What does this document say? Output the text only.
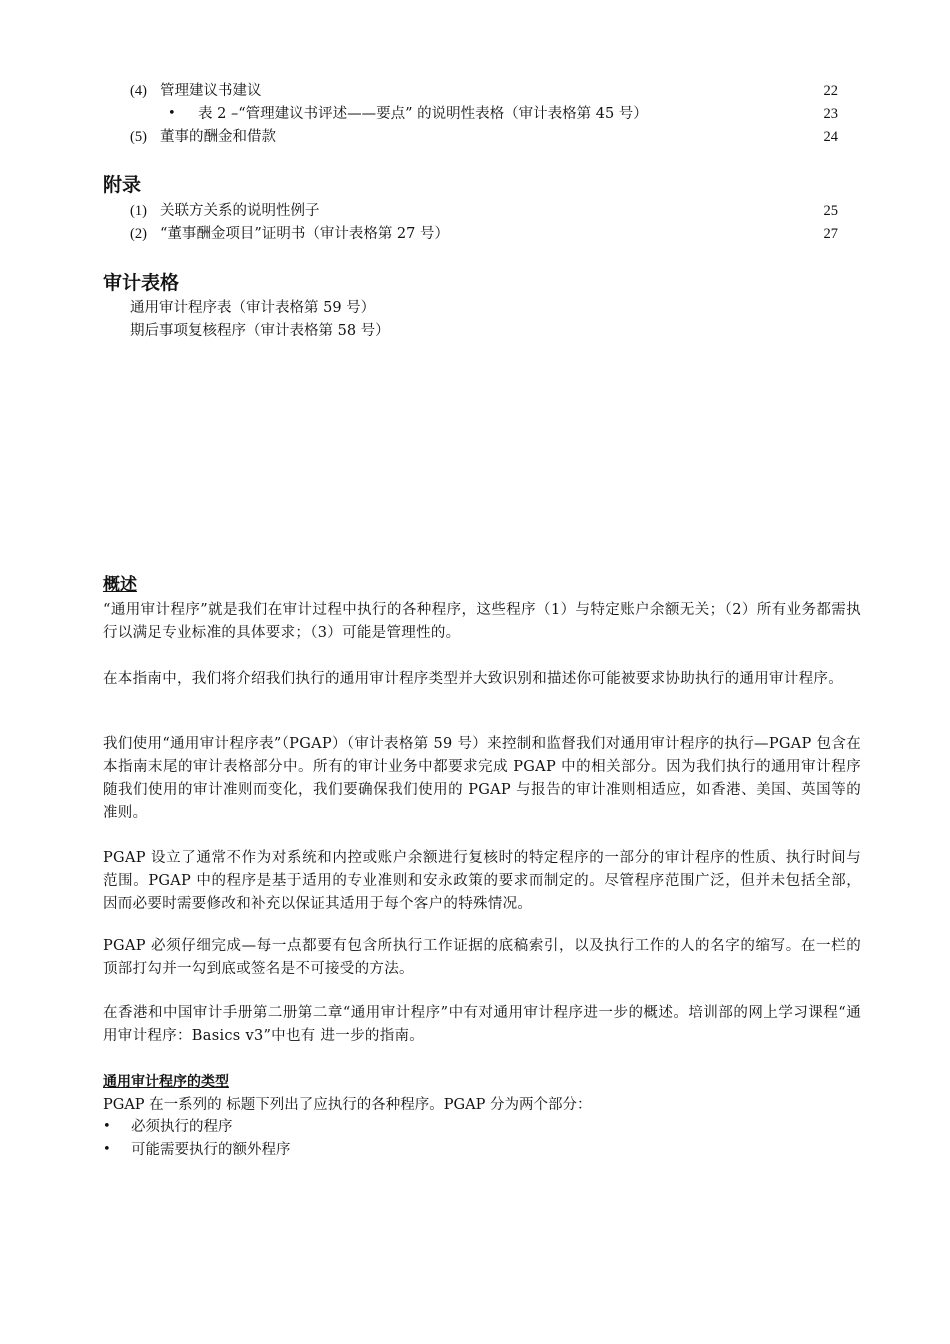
(4) 管理建议书建议	22
• 表 2 –“管理建议书评述——要点” 的说明性表格（审计表格第 45 号）	23
(5) 董事的酬金和借款	24
附录
(1) 关联方关系的说明性例子	25
(2) “董事酬金项目”证明书（审计表格第 27 号）	27
审计表格
通用审计程序表（审计表格第 59 号）
期后事项复核程序（审计表格第 58 号）
概述

“通用审计程序”就是我们在审计过程中执行的各种程序，这些程序（1）与特定账户余额无关；（2）所有业务都需执行以满足专业标准的具体要求；（3）可能是管理性的。

在本指南中，我们将介绍我们执行的通用审计程序类型并大致识别和描述你可能被要求协助执行的通用审计程序。

我们使用“通用审计程序表”（PGAP）（审计表格第 59 号）来控制和监督我们对通用审计程序的执行—PGAP 包含在本指南末尾的审计表格部分中。所有的审计业务中都要求完成 PGAP 中的相关部分。因为我们执行的通用审计程序随我们使用的审计准则而变化，我们要确保我们使用的 PGAP 与报告的审计准则相适应，如香港、美国、英国等的准则。

PGAP 设立了通常不作为对系统和内控或账户余额进行复核时的特定程序的一部分的审计程序的性质、执行时间与范围。PGAP 中的程序是基于适用的专业准则和安永政策的要求而制定的。尽管程序范围广泛，但并未包括全部，因而必要时需要修改和补充以保证其适用于每个客户的特殊情况。

PGAP 必须仔细完成—每一点都要有包含所执行工作证据的底稿索引，以及执行工作的人的名字的缩写。在一栏的顶部打勾并一勾到底或签名是不可接受的方法。

在香港和中国审计手册第二册第二章“通用审计程序”中有对通用审计程序进一步的概述。培训部的网上学习课程“通用审计程序：Basics v3”中也有 进一步的指南。

通用审计程序的类型
PGAP 在一系列的 标题下列出了应执行的各种程序。PGAP 分为两个部分：
• 必须执行的程序
• 可能需要执行的额外程序
